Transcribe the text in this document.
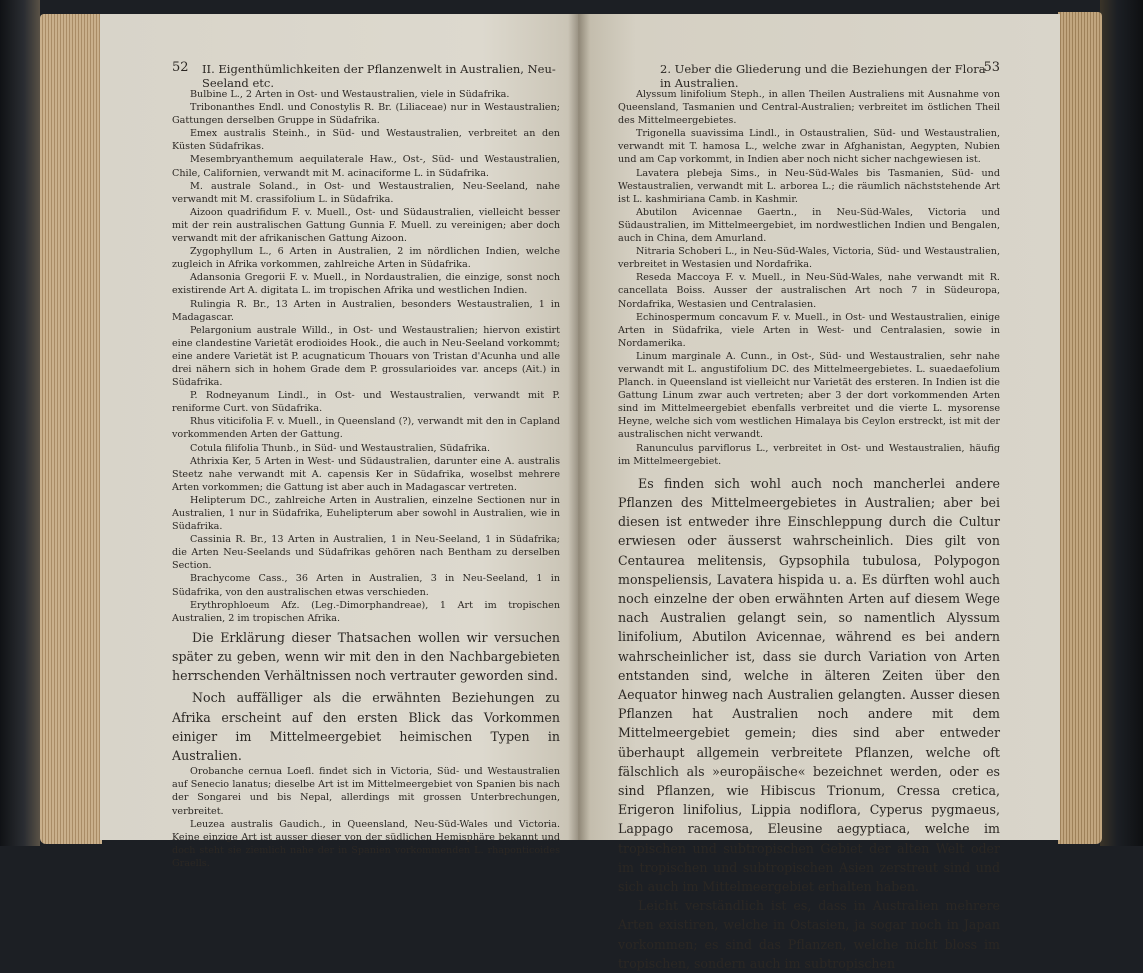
52 II. Eigenthümlichkeiten der Pflanzenwelt in Australien, Neu-Seeland etc.

Bulbine L., 2 Arten in Ost- und Westaustralien, viele in Südafrika.

Tribonanthes Endl. und Conostylis R. Br. (Liliaceae) nur in Westaustralien; Gattungen derselben Gruppe in Südafrika.

Emex australis Steinh., in Süd- und Westaustralien, verbreitet an den Küsten Südafrikas.

Mesembryanthemum aequilaterale Haw., Ost-, Süd- und Westaustralien, Chile, Californien, verwandt mit M. acinaciforme L. in Südafrika.

M. australe Soland., in Ost- und Westaustralien, Neu-Seeland, nahe verwandt mit M. crassifolium L. in Südafrika.

Aizoon quadrifidum F. v. Muell., Ost- und Südaustralien, vielleicht besser mit der rein australischen Gattung Gunnia F. Muell. zu vereinigen; aber doch verwandt mit der afrikanischen Gattung Aizoon.

Zygophyllum L., 6 Arten in Australien, 2 im nördlichen Indien, welche zugleich in Afrika vorkommen, zahlreiche Arten in Südafrika.

Adansonia Gregorii F. v. Muell., in Nordaustralien, die einzige, sonst noch existirende Art A. digitata L. im tropischen Afrika und westlichen Indien.

Rulingia R. Br., 13 Arten in Australien, besonders Westaustralien, 1 in Madagascar.

Pelargonium australe Willd., in Ost- und Westaustralien; hiervon existirt eine clandestine Varietät erodioides Hook., die auch in Neu-Seeland vorkommt; eine andere Varietät ist P. acugnaticum Thouars von Tristan d'Acunha und alle drei nähern sich in hohem Grade dem P. grossularioides var. anceps (Ait.) in Südafrika.

P. Rodneyanum Lindl., in Ost- und Westaustralien, verwandt mit P. reniforme Curt. von Südafrika.

Rhus viticifolia F. v. Muell., in Queensland (?), verwandt mit den in Capland vorkommenden Arten der Gattung.

Cotula filifolia Thunb., in Süd- und Westaustralien, Südafrika.

Athrixia Ker, 5 Arten in West- und Südaustralien, darunter eine A. australis Steetz nahe verwandt mit A. capensis Ker in Südafrika, woselbst mehrere Arten vorkommen; die Gattung ist aber auch in Madagascar vertreten.

Helipterum DC., zahlreiche Arten in Australien, einzelne Sectionen nur in Australien, 1 nur in Südafrika, Euhelipterum aber sowohl in Australien, wie in Südafrika.

Cassinia R. Br., 13 Arten in Australien, 1 in Neu-Seeland, 1 in Südafrika; die Arten Neu-Seelands und Südafrikas gehören nach Bentham zu derselben Section.

Brachycome Cass., 36 Arten in Australien, 3 in Neu-Seeland, 1 in Südafrika, von den australischen etwas verschieden.

Erythrophloeum Afz. (Leg.-Dimorphandreae), 1 Art im tropischen Australien, 2 im tropischen Afrika.

Die Erklärung dieser Thatsachen wollen wir versuchen später zu geben, wenn wir mit den in den Nachbargebieten herrschenden Verhältnissen noch vertrauter geworden sind.

Noch auffälliger als die erwähnten Beziehungen zu Afrika erscheint auf den ersten Blick das Vorkommen einiger im Mittelmeergebiet heimischen Typen in Australien.

Orobanche cernua Loefl. findet sich in Victoria, Süd- und Westaustralien auf Senecio lanatus; dieselbe Art ist im Mittelmeergebiet von Spanien bis nach der Songarei und bis Nepal, allerdings mit grossen Unterbrechungen, verbreitet.

Leuzea australis Gaudich., in Queensland, Neu-Süd-Wales und Victoria. Keine einzige Art ist ausser dieser von der südlichen Hemisphäre bekannt und doch steht sie ziemlich nahe der in Spanien vorkommenden L. rhaponticoides Graells.

2. Ueber die Gliederung und die Beziehungen der Flora in Australien.
53

Alyssum linifolium Steph., in allen Theilen Australiens mit Ausnahme von Queensland, Tasmanien und Central-Australien; verbreitet im östlichen Theil des Mittelmeergebietes.

Trigonella suavissima Lindl., in Ostaustralien, Süd- und Westaustralien, verwandt mit T. hamosa L., welche zwar in Afghanistan, Aegypten, Nubien und am Cap vorkommt, in Indien aber noch nicht sicher nachgewiesen ist.

Lavatera plebeja Sims., in Neu-Süd-Wales bis Tasmanien, Süd- und Westaustralien, verwandt mit L. arborea L.; die räumlich nächststehende Art ist L. kashmiriana Camb. in Kashmir.

Abutilon Avicennae Gaertn., in Neu-Süd-Wales, Victoria und Südaustralien, im Mittelmeergebiet, im nordwestlichen Indien und Bengalen, auch in China, dem Amurland.

Nitraria Schoberi L., in Neu-Süd-Wales, Victoria, Süd- und Westaustralien, verbreitet in Westasien und Nordafrika.

Reseda Maccoya F. v. Muell., in Neu-Süd-Wales, nahe verwandt mit R. cancellata Boiss. Ausser der australischen Art noch 7 in Südeuropa, Nordafrika, Westasien und Centralasien.

Echinospermum concavum F. v. Muell., in Ost- und Westaustralien, einige Arten in Südafrika, viele Arten in West- und Centralasien, sowie in Nordamerika.

Linum marginale A. Cunn., in Ost-, Süd- und Westaustralien, sehr nahe verwandt mit L. angustifolium DC. des Mittelmeergebietes. L. suaedaefolium Planch. in Queensland ist vielleicht nur Varietät des ersteren. In Indien ist die Gattung Linum zwar auch vertreten; aber 3 der dort vorkommenden Arten sind im Mittelmeergebiet ebenfalls verbreitet und die vierte L. mysorense Heyne, welche sich vom westlichen Himalaya bis Ceylon erstreckt, ist mit der australischen nicht verwandt.

Ranunculus parviflorus L., verbreitet in Ost- und Westaustralien, häufig im Mittelmeergebiet.

Es finden sich wohl auch noch mancherlei andere Pflanzen des Mittelmeergebietes in Australien; aber bei diesen ist entweder ihre Einschleppung durch die Cultur erwiesen oder äusserst wahrscheinlich. Dies gilt von Centaurea melitensis, Gypsophila tubulosa, Polypogon monspeliensis, Lavatera hispida u. a. Es dürften wohl auch noch einzelne der oben erwähnten Arten auf diesem Wege nach Australien gelangt sein, so namentlich Alyssum linifolium, Abutilon Avicennae, während es bei andern wahrscheinlicher ist, dass sie durch Variation von Arten entstanden sind, welche in älteren Zeiten über den Aequator hinweg nach Australien gelangten. Ausser diesen Pflanzen hat Australien noch andere mit dem Mittelmeergebiet gemein; dies sind aber entweder überhaupt allgemein verbreitete Pflanzen, welche oft fälschlich als »europäische« bezeichnet werden, oder es sind Pflanzen, wie Hibiscus Trionum, Cressa cretica, Erigeron linifolius, Lippia nodiflora, Cyperus pygmaeus, Lappago racemosa, Eleusine aegyptiaca, welche im tropischen und subtropischen Gebiet der alten Welt oder im tropischen und subtropischen Asien zerstreut sind und sich auch im Mittelmeergebiet erhalten haben.

Leicht verständlich ist es, dass in Australien mehrere Arten existiren, welche in Ostasien, ja sogar noch in Japan vorkommen; es sind das Pflanzen, welche nicht bloss im tropischen, sondern auch im subtropischen
